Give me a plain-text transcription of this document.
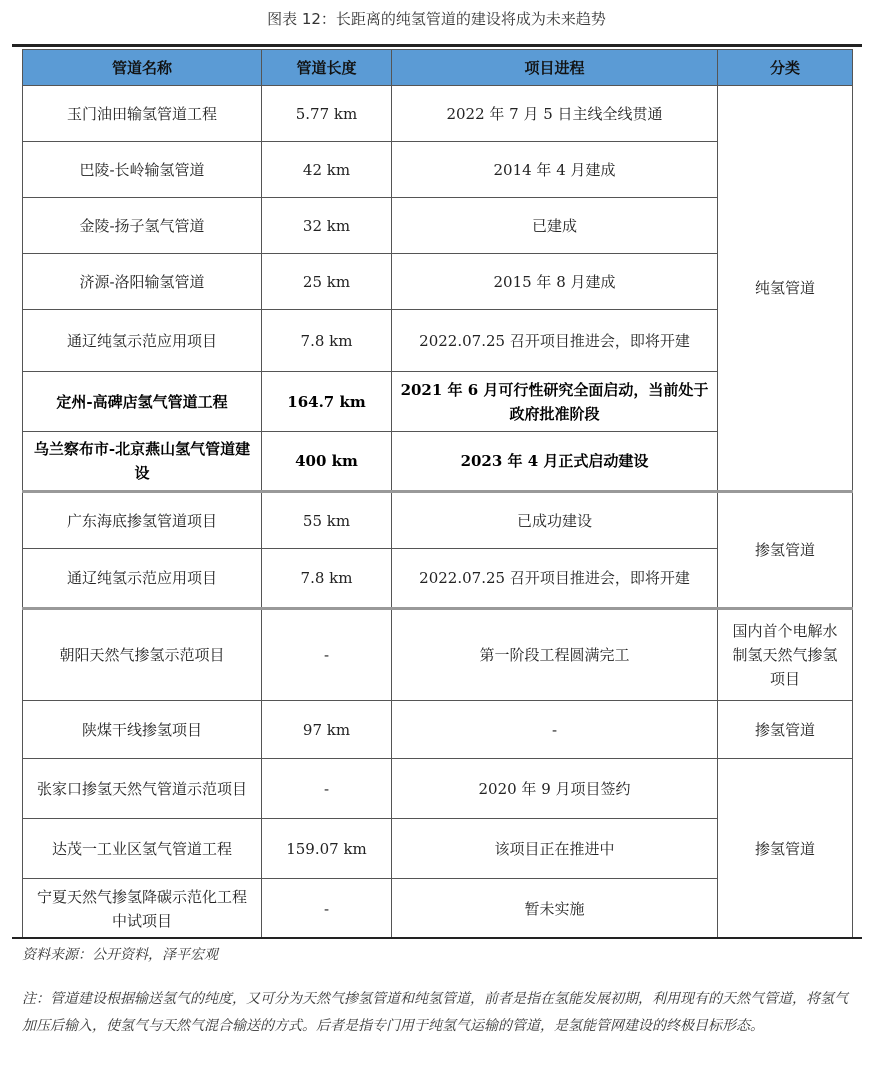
图表 12：长距离的纯氢管道的建设将成为未来趋势
管道名称	管道长度	项目进程	分类
玉门油田输氢管道工程	5.77 km	2022 年 7 月 5 日主线全线贯通	纯氢管道
巴陵-长岭输氢管道	42 km	2014 年 4 月建成	
金陵-扬子氢气管道	32 km	已建成	
济源-洛阳输氢管道	25 km	2015 年 8 月建成	
通辽纯氢示范应用项目	7.8 km	2022.07.25 召开项目推进会，即将开建	
定州-高碑店氢气管道工程	164.7 km	2021 年 6 月可行性研究全面启动，当前处于政府批准阶段	
乌兰察布市-北京燕山氢气管道建设	400 km	2023 年 4 月正式启动建设	
广东海底掺氢管道项目	55 km	已成功建设	掺氢管道
通辽纯氢示范应用项目	7.8 km	2022.07.25 召开项目推进会，即将开建	
朝阳天然气掺氢示范项目	-	第一阶段工程圆满完工	国内首个电解水制氢天然气掺氢项目
陕煤干线掺氢项目	97 km	-	掺氢管道
张家口掺氢天然气管道示范项目	-	2020 年 9 月项目签约	掺氢管道
达茂一工业区氢气管道工程	159.07 km	该项目正在推进中	
宁夏天然气掺氢降碳示范化工程中试项目	-	暂未实施	
资料来源：公开资料，泽平宏观
注：管道建设根据输送氢气的纯度，又可分为天然气掺氢管道和纯氢管道，前者是指在氢能发展初期，利用现有的天然气管道，将氢气加压后输入，使氢气与天然气混合输送的方式。后者是指专门用于纯氢气运输的管道，是氢能管网建设的终极目标形态。
